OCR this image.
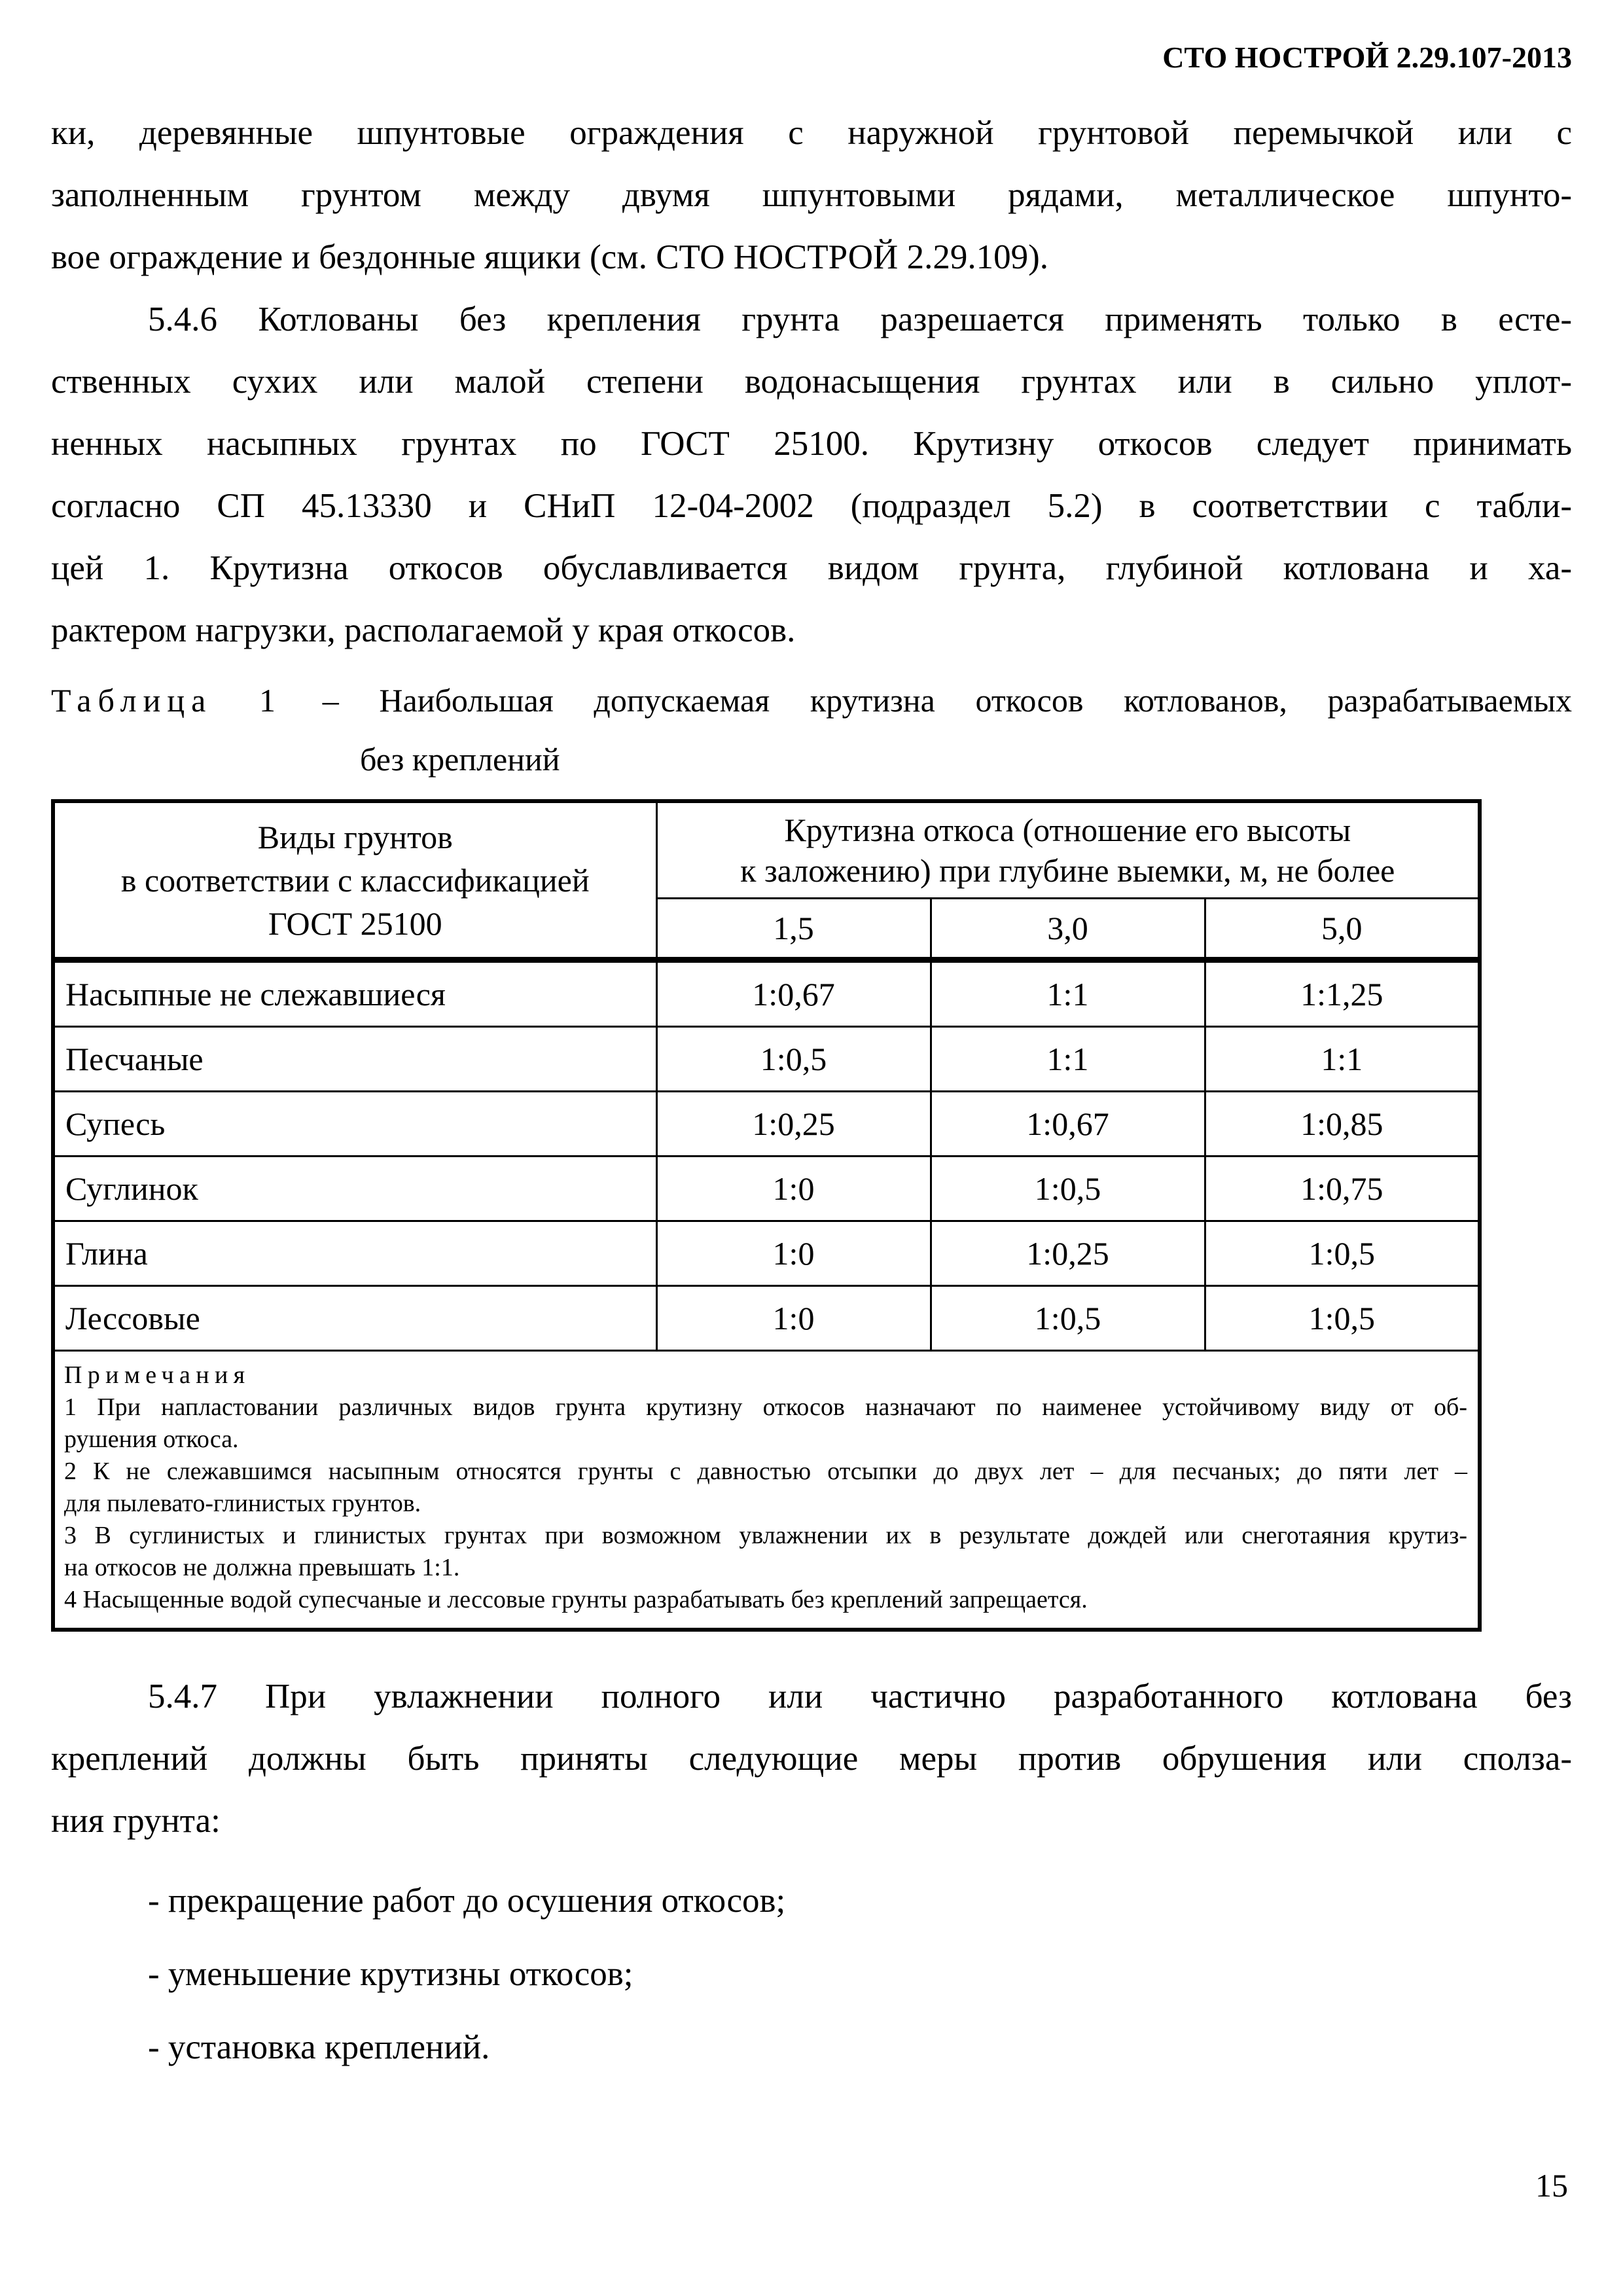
СТО НОСТРОЙ 2.29.107-2013

ки, деревянные шпунтовые ограждения с наружной грунтовой перемычкой или с
заполненным грунтом между двумя шпунтовыми рядами, металлическое шпунто-
вое ограждение и бездонные ящики (см. СТО НОСТРОЙ 2.29.109).

5.4.6 Котлованы без крепления грунта разрешается применять только в есте-
ственных сухих или малой степени водонасыщения грунтах или в сильно уплот-
ненных насыпных грунтах по ГОСТ 25100. Крутизну откосов следует принимать
согласно СП 45.13330 и СНиП 12-04-2002 (подраздел 5.2) в соответствии с табли-
цей 1. Крутизна откосов обуславливается видом грунта, глубиной котлована и ха-
рактером нагрузки, располагаемой у края откосов.

Таблица 1 – Наибольшая допускаемая крутизна откосов котлованов, разрабатываемых
без креплений
Виды грунтов
в соответствии с классификацией
ГОСТ 25100	Крутизна откоса (отношение его высоты
к заложению) при глубине выемки, м, не более		

	1,5	3,0	5,0
Насыпные не слежавшиеся	1:0,67	1:1	1:1,25
Песчаные	1:0,5	1:1	1:1
Супесь	1:0,25	1:0,67	1:0,85
Суглинок	1:0	1:0,5	1:0,75
Глина	1:0	1:0,25	1:0,5
Лессовые	1:0	1:0,5	1:0,5

Примечания
1 При напластовании различных видов грунта крутизну откосов назначают по наименее устойчивому виду от об-
рушения откоса.
2 К не слежавшимся насыпным относятся грунты с давностью отсыпки до двух лет – для песчаных; до пяти лет –
для пылевато-глинистых грунтов.
3 В суглинистых и глинистых грунтах при возможном увлажнении их в результате дождей или снеготаяния крутиз-
на откосов не должна превышать 1:1.
4 Насыщенные водой супесчаные и лессовые грунты разрабатывать без креплений запрещается.

5.4.7 При увлажнении полного или частично разработанного котлована без
креплений должны быть приняты следующие меры против обрушения или сполза-
ния грунта:

- прекращение работ до осушения откосов;

- уменьшение крутизны откосов;

- установка креплений.

15
